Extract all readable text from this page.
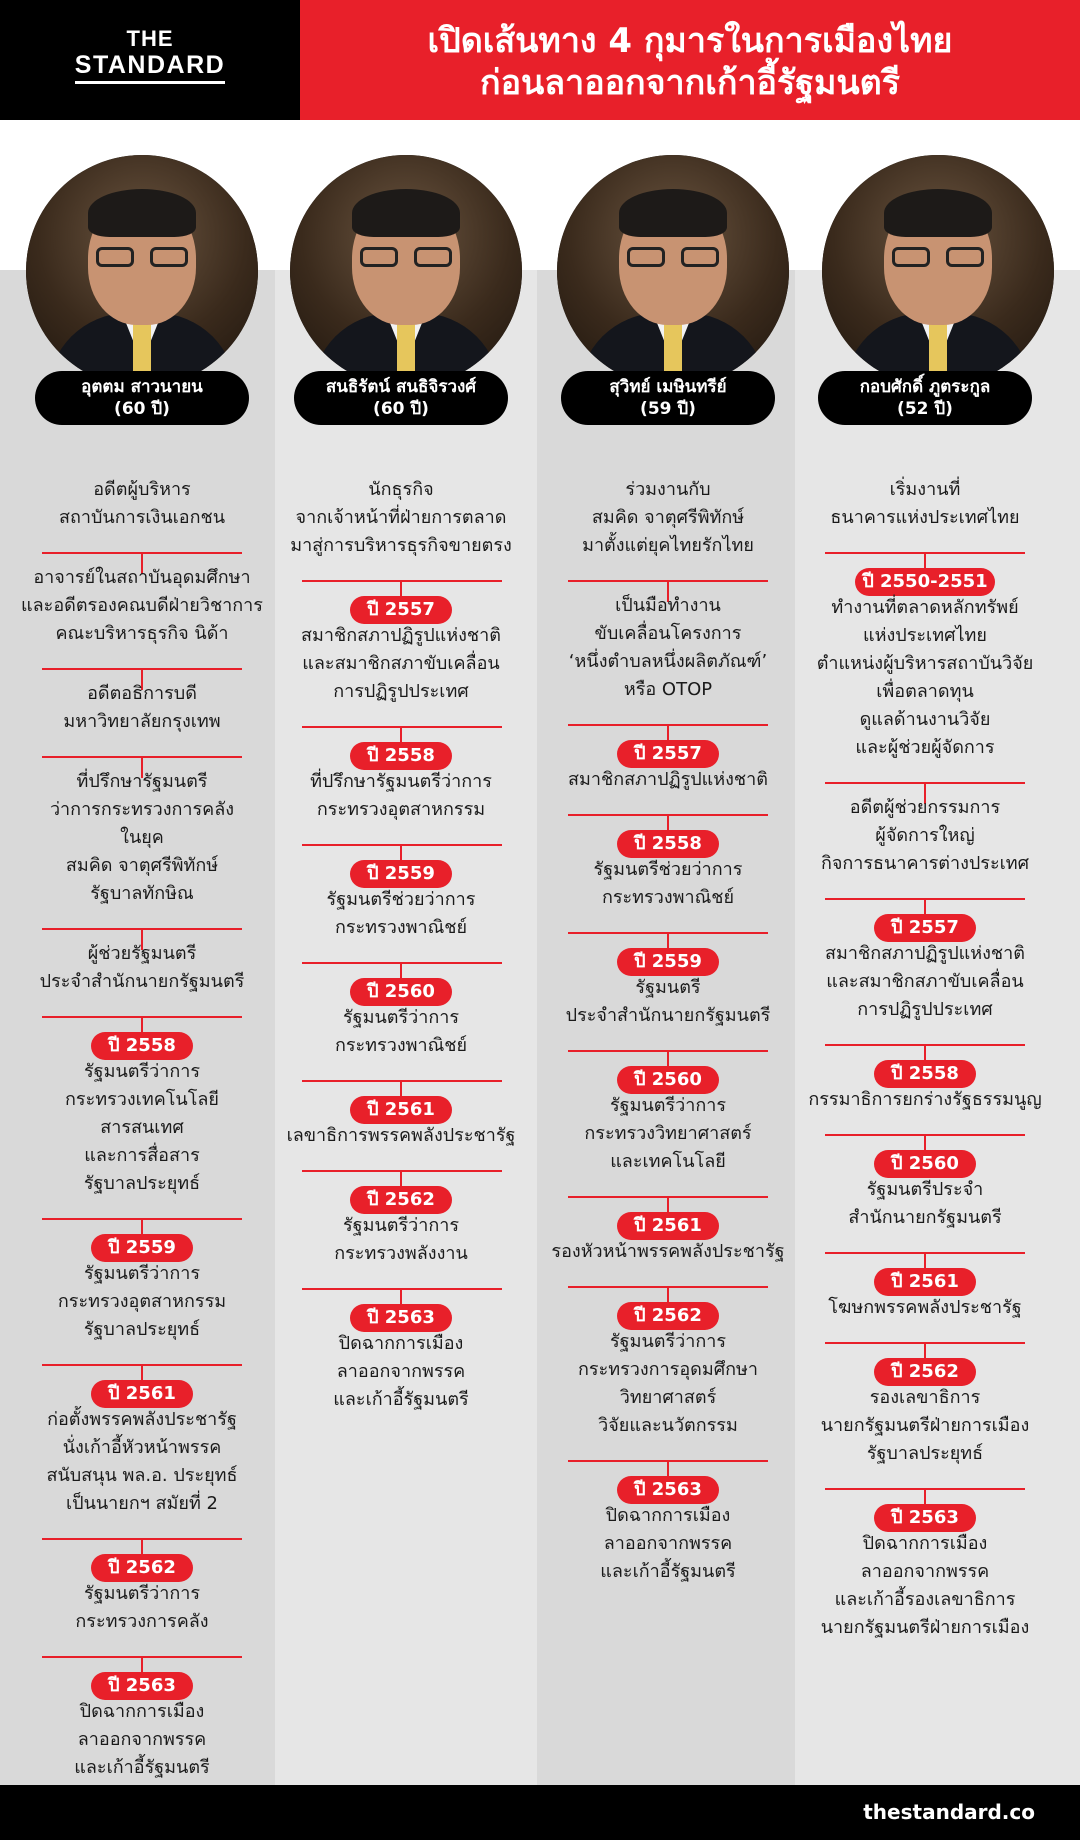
THE
STANDARD
เปิดเส้นทาง 4 กุมารในการเมืองไทย
ก่อนลาออกจากเก้าอี้รัฐมนตรี
อุตตม สาวนายน
(60 ปี)
อดีตผู้บริหาร
สถาบันการเงินเอกชน
อาจารย์ในสถาบันอุดมศึกษา
และอดีตรองคณบดีฝ่ายวิชาการ
คณะบริหารธุรกิจ นิด้า
อดีตอธิการบดี
มหาวิทยาลัยกรุงเทพ
ที่ปรึกษารัฐมนตรี
ว่าการกระทรวงการคลัง
ในยุค
สมคิด จาตุศรีพิทักษ์
รัฐบาลทักษิณ
ผู้ช่วยรัฐมนตรี
ประจำสำนักนายกรัฐมนตรี
ปี 2558
รัฐมนตรีว่าการ
กระทรวงเทคโนโลยี
สารสนเทศ
และการสื่อสาร
รัฐบาลประยุทธ์
ปี 2559
รัฐมนตรีว่าการ
กระทรวงอุตสาหกรรม
รัฐบาลประยุทธ์
ปี 2561
ก่อตั้งพรรคพลังประชารัฐ
นั่งเก้าอี้หัวหน้าพรรค
สนับสนุน พล.อ. ประยุทธ์
เป็นนายกฯ สมัยที่ 2
ปี 2562
รัฐมนตรีว่าการ
กระทรวงการคลัง
ปี 2563
ปิดฉากการเมือง
ลาออกจากพรรค
และเก้าอี้รัฐมนตรี
สนธิรัตน์ สนธิจิรวงศ์
(60 ปี)
นักธุรกิจ
จากเจ้าหน้าที่ฝ่ายการตลาด
มาสู่การบริหารธุรกิจขายตรง
ปี 2557
สมาชิกสภาปฏิรูปแห่งชาติ
และสมาชิกสภาขับเคลื่อน
การปฏิรูปประเทศ
ปี 2558
ที่ปรึกษารัฐมนตรีว่าการ
กระทรวงอุตสาหกรรม
ปี 2559
รัฐมนตรีช่วยว่าการ
กระทรวงพาณิชย์
ปี 2560
รัฐมนตรีว่าการ
กระทรวงพาณิชย์
ปี 2561
เลขาธิการพรรคพลังประชารัฐ
ปี 2562
รัฐมนตรีว่าการ
กระทรวงพลังงาน
ปี 2563
ปิดฉากการเมือง
ลาออกจากพรรค
และเก้าอี้รัฐมนตรี
สุวิทย์ เมษินทรีย์
(59 ปี)
ร่วมงานกับ
สมคิด จาตุศรีพิทักษ์
มาตั้งแต่ยุคไทยรักไทย
เป็นมือทำงาน
ขับเคลื่อนโครงการ
‘หนึ่งตำบลหนึ่งผลิตภัณฑ์’
หรือ OTOP
ปี 2557
สมาชิกสภาปฏิรูปแห่งชาติ
ปี 2558
รัฐมนตรีช่วยว่าการ
กระทรวงพาณิชย์
ปี 2559
รัฐมนตรี
ประจำสำนักนายกรัฐมนตรี
ปี 2560
รัฐมนตรีว่าการ
กระทรวงวิทยาศาสตร์
และเทคโนโลยี
ปี 2561
รองหัวหน้าพรรคพลังประชารัฐ
ปี 2562
รัฐมนตรีว่าการ
กระทรวงการอุดมศึกษา
วิทยาศาสตร์
วิจัยและนวัตกรรม
ปี 2563
ปิดฉากการเมือง
ลาออกจากพรรค
และเก้าอี้รัฐมนตรี
กอบศักดิ์ ภูตระกูล
(52 ปี)
เริ่มงานที่
ธนาคารแห่งประเทศไทย
ปี 2550-2551
ทำงานที่ตลาดหลักทรัพย์
แห่งประเทศไทย
ตำแหน่งผู้บริหารสถาบันวิจัย
เพื่อตลาดทุน
ดูแลด้านงานวิจัย
และผู้ช่วยผู้จัดการ
อดีตผู้ช่วยกรรมการ
ผู้จัดการใหญ่
กิจการธนาคารต่างประเทศ
ปี 2557
สมาชิกสภาปฏิรูปแห่งชาติ
และสมาชิกสภาขับเคลื่อน
การปฏิรูปประเทศ
ปี 2558
กรรมาธิการยกร่างรัฐธรรมนูญ
ปี 2560
รัฐมนตรีประจำ
สำนักนายกรัฐมนตรี
ปี 2561
โฆษกพรรคพลังประชารัฐ
ปี 2562
รองเลขาธิการ
นายกรัฐมนตรีฝ่ายการเมือง
รัฐบาลประยุทธ์
ปี 2563
ปิดฉากการเมือง
ลาออกจากพรรค
และเก้าอี้รองเลขาธิการ
นายกรัฐมนตรีฝ่ายการเมือง
thestandard.co
